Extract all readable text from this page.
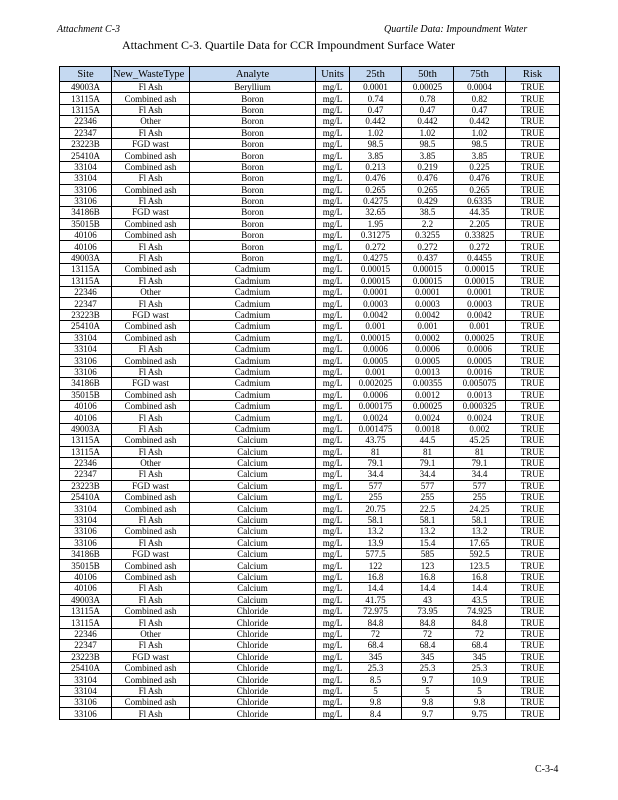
Attachment C-3	Quartile Data: Impoundment Water
Attachment C-3. Quartile Data for CCR Impoundment Surface Water
Site	New_WasteType	Analyte	Units	25th	50th	75th	Risk
49003A	Fl Ash	Beryllium	mg/L	0.0001	0.00025	0.0004	TRUE
13115A	Combined ash	Boron	mg/L	0.74	0.78	0.82	TRUE
13115A	Fl Ash	Boron	mg/L	0.47	0.47	0.47	TRUE
22346	Other	Boron	mg/L	0.442	0.442	0.442	TRUE
22347	Fl Ash	Boron	mg/L	1.02	1.02	1.02	TRUE
23223B	FGD wast	Boron	mg/L	98.5	98.5	98.5	TRUE
25410A	Combined ash	Boron	mg/L	3.85	3.85	3.85	TRUE
33104	Combined ash	Boron	mg/L	0.213	0.219	0.225	TRUE
33104	Fl Ash	Boron	mg/L	0.476	0.476	0.476	TRUE
33106	Combined ash	Boron	mg/L	0.265	0.265	0.265	TRUE
33106	Fl Ash	Boron	mg/L	0.4275	0.429	0.6335	TRUE
34186B	FGD wast	Boron	mg/L	32.65	38.5	44.35	TRUE
35015B	Combined ash	Boron	mg/L	1.95	2.2	2.205	TRUE
40106	Combined ash	Boron	mg/L	0.31275	0.3255	0.33825	TRUE
40106	Fl Ash	Boron	mg/L	0.272	0.272	0.272	TRUE
49003A	Fl Ash	Boron	mg/L	0.4275	0.437	0.4455	TRUE
13115A	Combined ash	Cadmium	mg/L	0.00015	0.00015	0.00015	TRUE
13115A	Fl Ash	Cadmium	mg/L	0.00015	0.00015	0.00015	TRUE
22346	Other	Cadmium	mg/L	0.0001	0.0001	0.0001	TRUE
22347	Fl Ash	Cadmium	mg/L	0.0003	0.0003	0.0003	TRUE
23223B	FGD wast	Cadmium	mg/L	0.0042	0.0042	0.0042	TRUE
25410A	Combined ash	Cadmium	mg/L	0.001	0.001	0.001	TRUE
33104	Combined ash	Cadmium	mg/L	0.00015	0.0002	0.00025	TRUE
33104	Fl Ash	Cadmium	mg/L	0.0006	0.0006	0.0006	TRUE
33106	Combined ash	Cadmium	mg/L	0.0005	0.0005	0.0005	TRUE
33106	Fl Ash	Cadmium	mg/L	0.001	0.0013	0.0016	TRUE
34186B	FGD wast	Cadmium	mg/L	0.002025	0.00355	0.005075	TRUE
35015B	Combined ash	Cadmium	mg/L	0.0006	0.0012	0.0013	TRUE
40106	Combined ash	Cadmium	mg/L	0.000175	0.00025	0.000325	TRUE
40106	Fl Ash	Cadmium	mg/L	0.0024	0.0024	0.0024	TRUE
49003A	Fl Ash	Cadmium	mg/L	0.001475	0.0018	0.002	TRUE
13115A	Combined ash	Calcium	mg/L	43.75	44.5	45.25	TRUE
13115A	Fl Ash	Calcium	mg/L	81	81	81	TRUE
22346	Other	Calcium	mg/L	79.1	79.1	79.1	TRUE
22347	Fl Ash	Calcium	mg/L	34.4	34.4	34.4	TRUE
23223B	FGD wast	Calcium	mg/L	577	577	577	TRUE
25410A	Combined ash	Calcium	mg/L	255	255	255	TRUE
33104	Combined ash	Calcium	mg/L	20.75	22.5	24.25	TRUE
33104	Fl Ash	Calcium	mg/L	58.1	58.1	58.1	TRUE
33106	Combined ash	Calcium	mg/L	13.2	13.2	13.2	TRUE
33106	Fl Ash	Calcium	mg/L	13.9	15.4	17.65	TRUE
34186B	FGD wast	Calcium	mg/L	577.5	585	592.5	TRUE
35015B	Combined ash	Calcium	mg/L	122	123	123.5	TRUE
40106	Combined ash	Calcium	mg/L	16.8	16.8	16.8	TRUE
40106	Fl Ash	Calcium	mg/L	14.4	14.4	14.4	TRUE
49003A	Fl Ash	Calcium	mg/L	41.75	43	43.5	TRUE
13115A	Combined ash	Chloride	mg/L	72.975	73.95	74.925	TRUE
13115A	Fl Ash	Chloride	mg/L	84.8	84.8	84.8	TRUE
22346	Other	Chloride	mg/L	72	72	72	TRUE
22347	Fl Ash	Chloride	mg/L	68.4	68.4	68.4	TRUE
23223B	FGD wast	Chloride	mg/L	345	345	345	TRUE
25410A	Combined ash	Chloride	mg/L	25.3	25.3	25.3	TRUE
33104	Combined ash	Chloride	mg/L	8.5	9.7	10.9	TRUE
33104	Fl Ash	Chloride	mg/L	5	5	5	TRUE
33106	Combined ash	Chloride	mg/L	9.8	9.8	9.8	TRUE
33106	Fl Ash	Chloride	mg/L	8.4	9.7	9.75	TRUE
C-3-4
